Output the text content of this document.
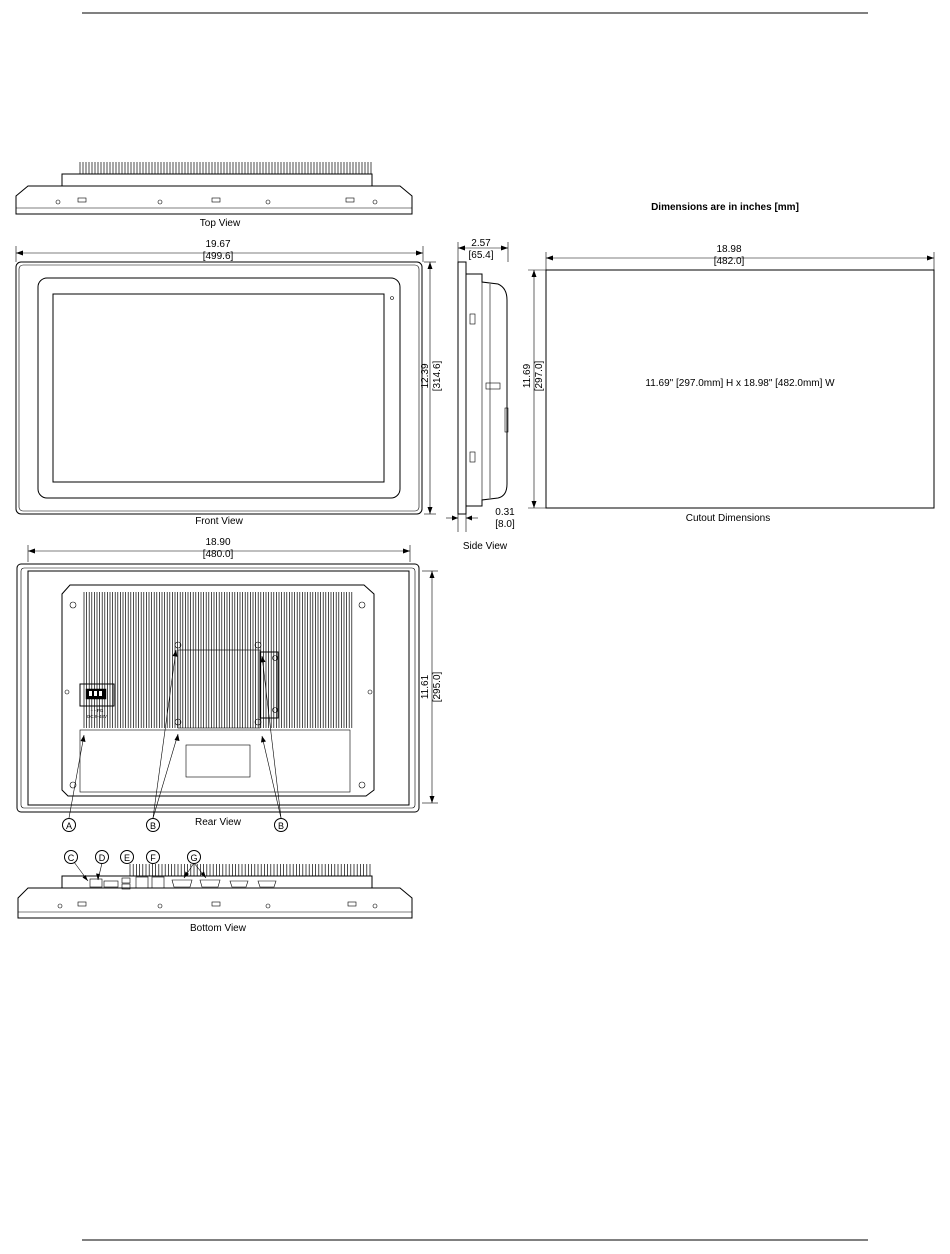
Top View
Dimensions are in inches [mm]
19.67
[499.6]
12.39 [314.6]
Front View
2.57
[65.4]
0.31
[8.0]
Side View
18.98
[482.0]
11.69 [297.0]	11.69" [297.0mm] H x 18.98" [482.0mm] W
Cutout Dimensions
18.90
[480.0]
+ - FG
DC 9-48V
11.61 [295.0]
A	B	B
Rear View
C	D E F	G
Bottom View
